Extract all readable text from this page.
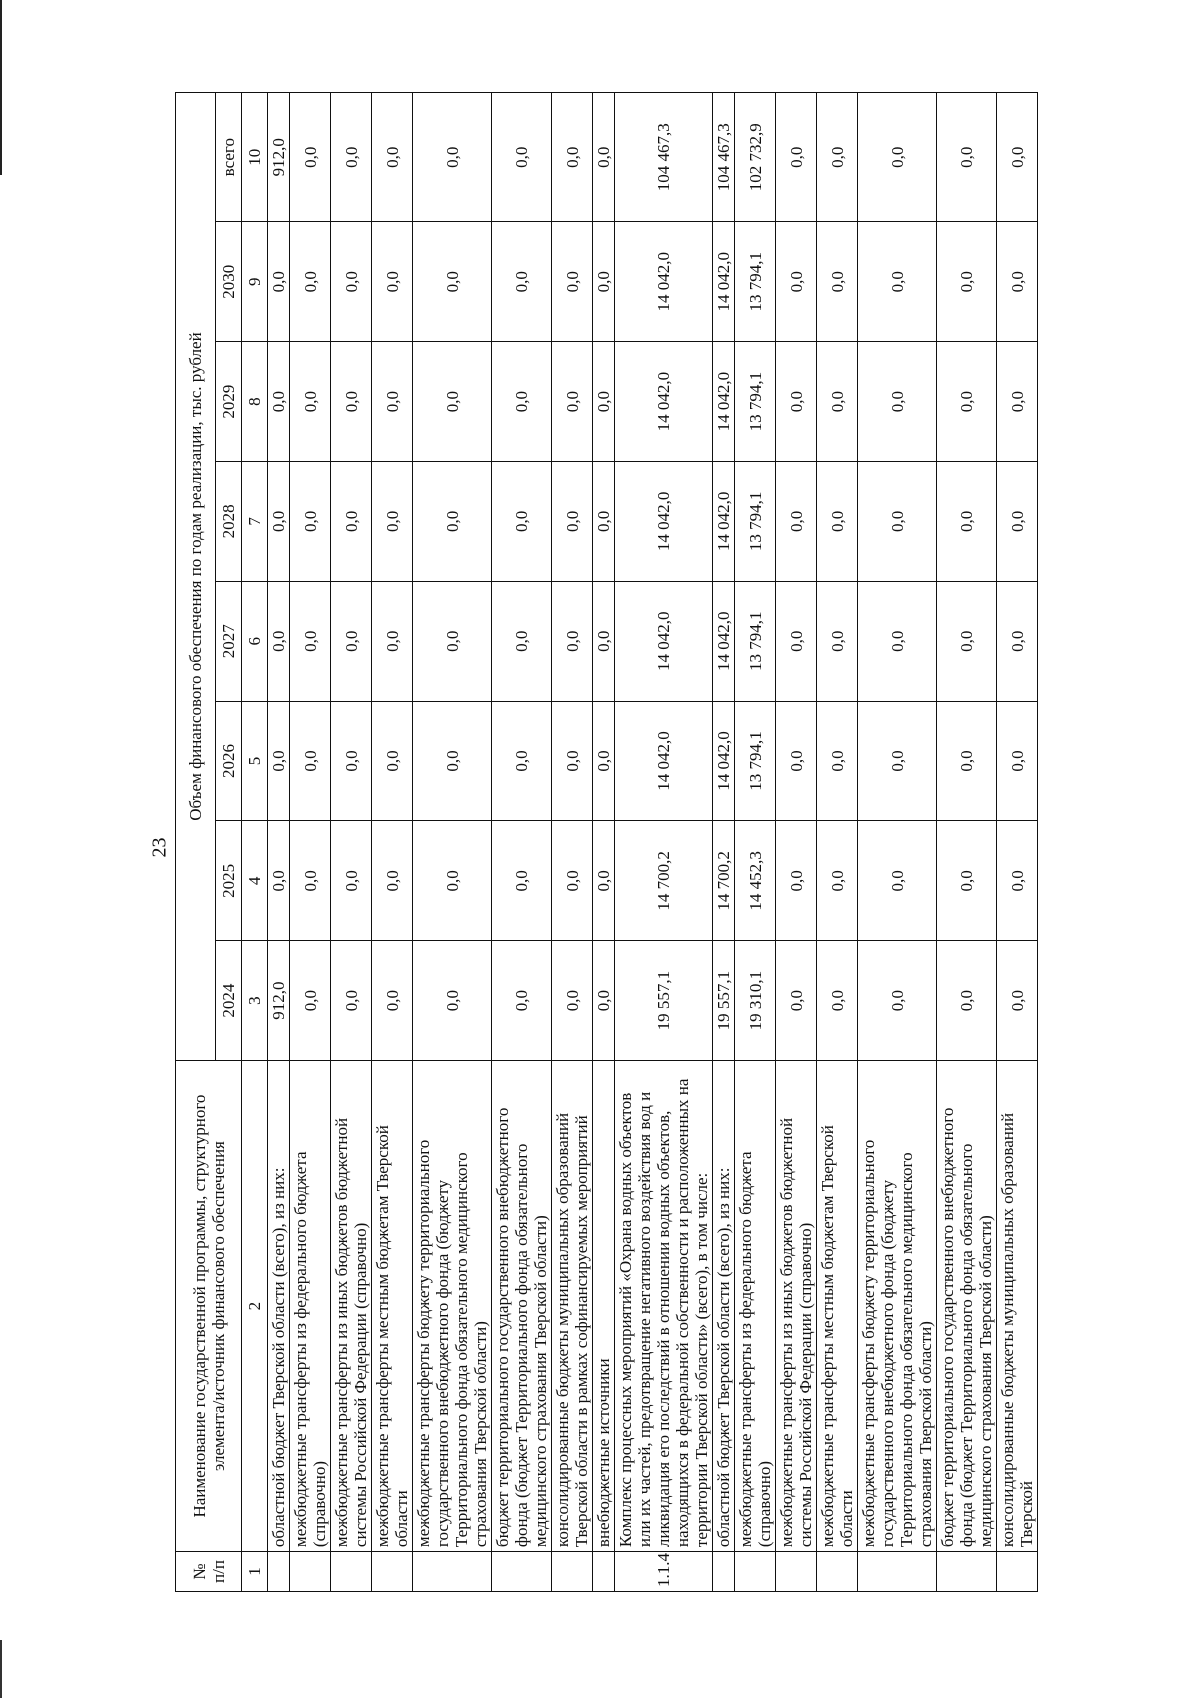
23
№ п/п	Наименование государственной программы, структурного элемента/источник финансового обеспечения	Объем финансового обеспечения по годам реализации, тыс. рублей							
		2024	2025	2026	2027	2028	2029	2030	всего
1	2	3	4	5	6	7	8	9	10
	областной бюджет Тверской области (всего), из них:	912,0	0,0	0,0	0,0	0,0	0,0	0,0	912,0
	межбюджетные трансферты из федерального бюджета (справочно)	0,0	0,0	0,0	0,0	0,0	0,0	0,0	0,0
	межбюджетные трансферты из иных бюджетов бюджетной системы Российской Федерации (справочно)	0,0	0,0	0,0	0,0	0,0	0,0	0,0	0,0
	межбюджетные трансферты местным бюджетам Тверской области	0,0	0,0	0,0	0,0	0,0	0,0	0,0	0,0
	межбюджетные трансферты бюджету территориального государственного внебюджетного фонда (бюджету Территориального фонда обязательного медицинского страхования Тверской области)	0,0	0,0	0,0	0,0	0,0	0,0	0,0	0,0
	бюджет территориального государственного внебюджетного фонда (бюджет Территориального фонда обязательного медицинского страхования Тверской области)	0,0	0,0	0,0	0,0	0,0	0,0	0,0	0,0
	консолидированные бюджеты муниципальных образований Тверской области в рамках софинансируемых мероприятий	0,0	0,0	0,0	0,0	0,0	0,0	0,0	0,0
	внебюджетные источники	0,0	0,0	0,0	0,0	0,0	0,0	0,0	0,0
1.1.4	Комплекс процессных мероприятий «Охрана водных объектов или их частей, предотвращение негативного воздействия вод и ликвидация его последствий в отношении водных объектов, находящихся в федеральной собственности и расположенных на территории Тверской области» (всего), в том числе:	19 557,1	14 700,2	14 042,0	14 042,0	14 042,0	14 042,0	14 042,0	104 467,3
	областной бюджет Тверской области (всего), из них:	19 557,1	14 700,2	14 042,0	14 042,0	14 042,0	14 042,0	14 042,0	104 467,3
	межбюджетные трансферты из федерального бюджета (справочно)	19 310,1	14 452,3	13 794,1	13 794,1	13 794,1	13 794,1	13 794,1	102 732,9
	межбюджетные трансферты из иных бюджетов бюджетной системы Российской Федерации (справочно)	0,0	0,0	0,0	0,0	0,0	0,0	0,0	0,0
	межбюджетные трансферты местным бюджетам Тверской области	0,0	0,0	0,0	0,0	0,0	0,0	0,0	0,0
	межбюджетные трансферты бюджету территориального государственного внебюджетного фонда (бюджету Территориального фонда обязательного медицинского страхования Тверской области)	0,0	0,0	0,0	0,0	0,0	0,0	0,0	0,0
	бюджет территориального государственного внебюджетного фонда (бюджет Территориального фонда обязательного медицинского страхования Тверской области)	0,0	0,0	0,0	0,0	0,0	0,0	0,0	0,0
	консолидированные бюджеты муниципальных образований Тверской	0,0	0,0	0,0	0,0	0,0	0,0	0,0	0,0
